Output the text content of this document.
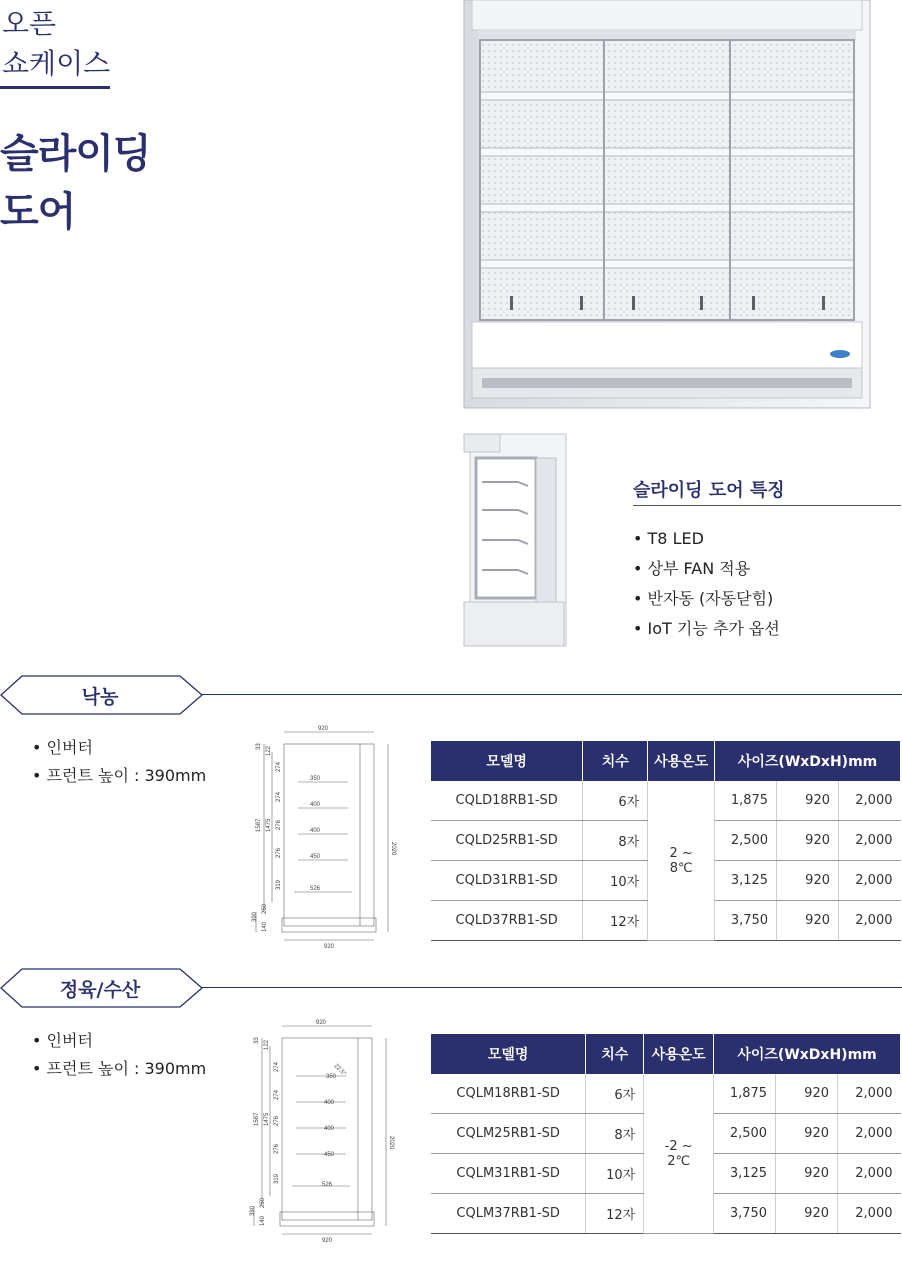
오픈
쇼케이스
슬라이딩
도어
슬라이딩 도어 특징
• T8 LED
• 상부 FAN 적용
• 반자동 (자동닫힘)
• IoT 기능 추가 옵션
낙농
• 인버터
• 프런트 높이 : 390mm
920
920
350
400
400
450
526
2020
1587 1475
274
274
276
276
319
33 122
390
250
140
모델명	치수	사용온도	사이즈(WxDxH)mm		
CQLD18RB1-SD	6자	2 ~ 8℃	1,875	920	2,000
CQLD25RB1-SD	8자		2,500	920	2,000
CQLD31RB1-SD	10자		3,125	920	2,000
CQLD37RB1-SD	12자		3,750	920	2,000
정육/수산
• 인버터
• 프런트 높이 : 390mm
920
920
22.5°
350
400
400
450
526
2020
1587 1475
274
274
276
276
319
33 122
390
250
140
모델명	치수	사용온도	사이즈(WxDxH)mm		
CQLM18RB1-SD	6자	-2 ~ 2℃	1,875	920	2,000
CQLM25RB1-SD	8자		2,500	920	2,000
CQLM31RB1-SD	10자		3,125	920	2,000
CQLM37RB1-SD	12자		3,750	920	2,000
